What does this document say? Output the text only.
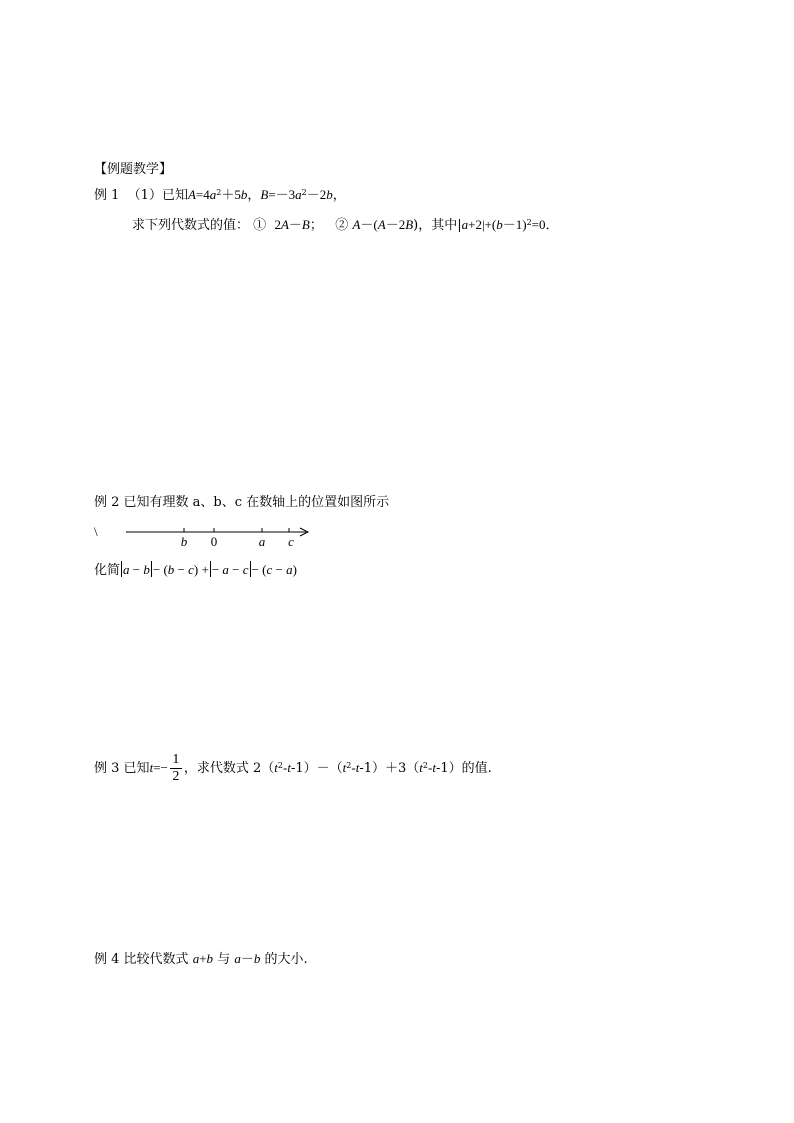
【例题教学】
例 1 （1）已知$A=4a^2+5b$，$B=-3a^2-2b$，
求下列代数式的值： ① 2A－B； ② A－(A－2B)，其中$|a+2|+(b-1)^2=0$．
例 2 已知有理数 a、b、c 在数轴上的位置如图所示
\
b 0	a c
化简 a − b − (b − c) + − a − c − (c − a)
例 3 已知$t=- \frac{1}{2}$ ，求代数式 $2(t^2-t-1)-(t^2-t-1)+3(t^2-t-1)$的值.
例 4 比较代数式 a+b 与 a－b 的大小.
